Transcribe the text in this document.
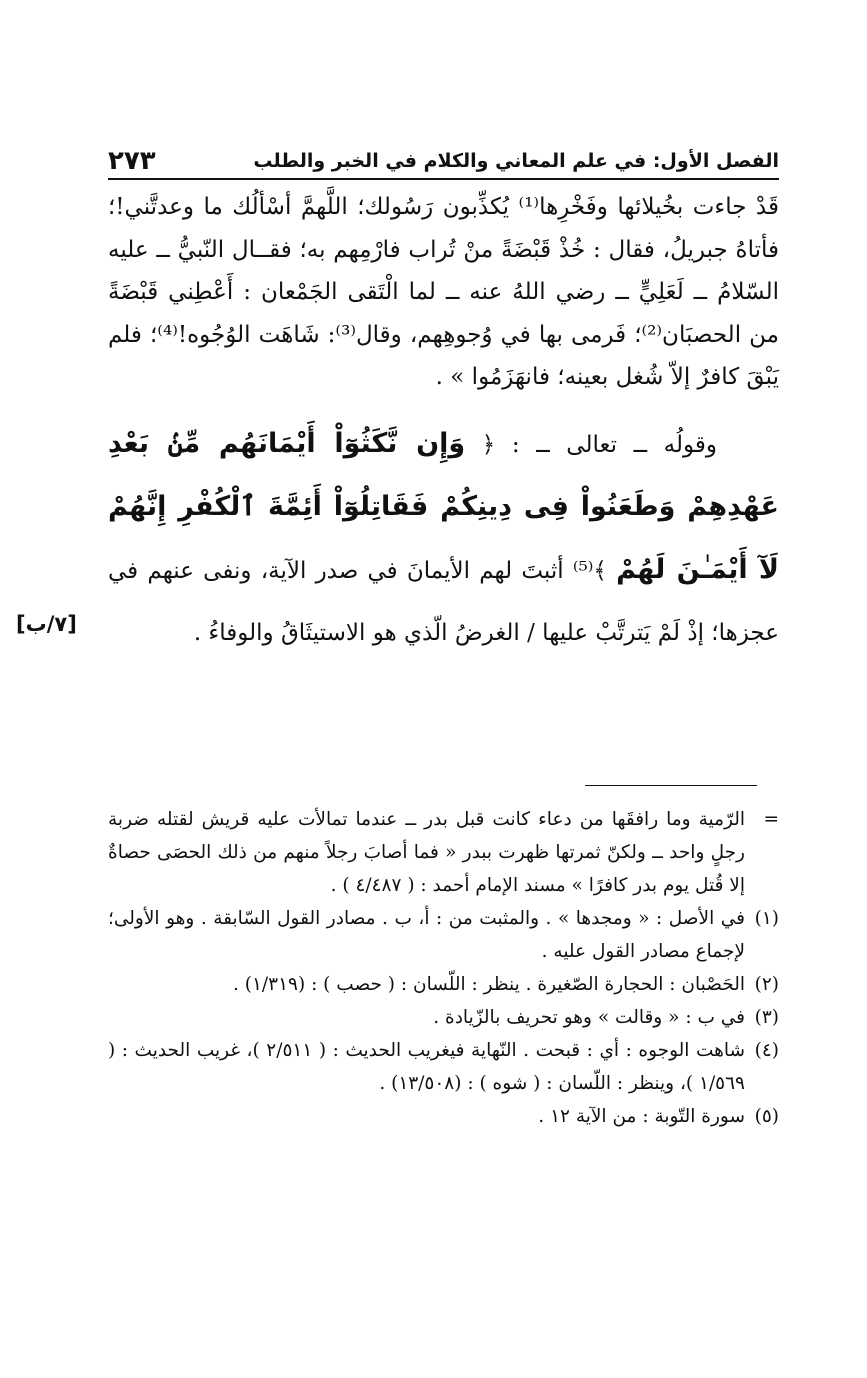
الفصل الأول: في علم المعاني والكلام في الخبر والطلب
٢٧٣

قَدْ جاءت بخُيلائها وفَخْرِها⁽¹⁾ يُكذِّبون رَسُولك؛ اللَّهمَّ أسْألُك ما وعدتَّني!؛ فأتاهُ جبريلُ، فقال : خُذْ قَبْضَةً منْ تُراب فارْمِهم به؛ فقــال النّبيُّ ــ عليه السّلامُ ــ لَعَلِيٍّ ــ رضي اللهُ عنه ــ لما الْتَقى الجَمْعان : أَعْطِني قَبْضَةً من الحصبَان⁽²⁾؛ فَرمى بها في وُجوهِهم، وقال⁽³⁾: شَاهَت الوُجُوه!⁽⁴⁾؛ فلم يَبْقَ كافرٌ إلاّ شُغل بعينه؛ فانهَزَمُوا » .

وقولُه ــ تعالى ــ : ﴿ وَإِن نَّكَثُوٓاْ أَيْمَانَهُم مِّنۢ بَعْدِ عَهْدِهِمْ وَطَعَنُواْ فِى دِينِكُمْ فَقَاتِلُوٓاْ أَئِمَّةَ ٱلْكُفْرِ إِنَّهُمْ لَآ أَيْمَـٰنَ لَهُمْ ﴾⁽⁵⁾ أثبتَ لهم الأيمانَ في صدر الآية، ونفى عنهم في عجزها؛ إذْ لَمْ يَترتَّبْ عليها / الغرضُ الّذي هو الاستيثَاقُ والوفاءُ .

[٧/ب]
=
الرّمية وما رافقَها من دعاء كانت قبل بدر ــ عندما تمالأت عليه قريش لقتله ضربة رجلٍ واحد ــ ولكنّ ثمرتها ظهرت ببدر « فما أصابَ رجلاً منهم من ذلك الحصَى حصاةٌ إلا قُتل يوم بدر كافرًا » مسند الإمام أحمد : ( ٤/٤٨٧ ) .
(١)
في الأصل : « ومجدها » . والمثبت من : أ، ب . مصادر القول السّابقة . وهو الأولى؛ لإجماع مصادر القول عليه .
(٢)
الحَصْبان : الحجارة الصّغيرة . ينظر : اللّسان : ( حصب ) : (١/٣١٩) .
(٣)
في ب : « وقالت » وهو تحريف بالزّيادة .
(٤)
شاهت الوجوه : أي : قبحت . النّهاية فيغريب الحديث : ( ٢/٥١١ )، غريب الحديث : ( ١/٥٦٩ )، وينظر : اللّسان : ( شوه ) : (١٣/٥٠٨) .
(٥)
سورة التّوبة : من الآية ١٢ .
